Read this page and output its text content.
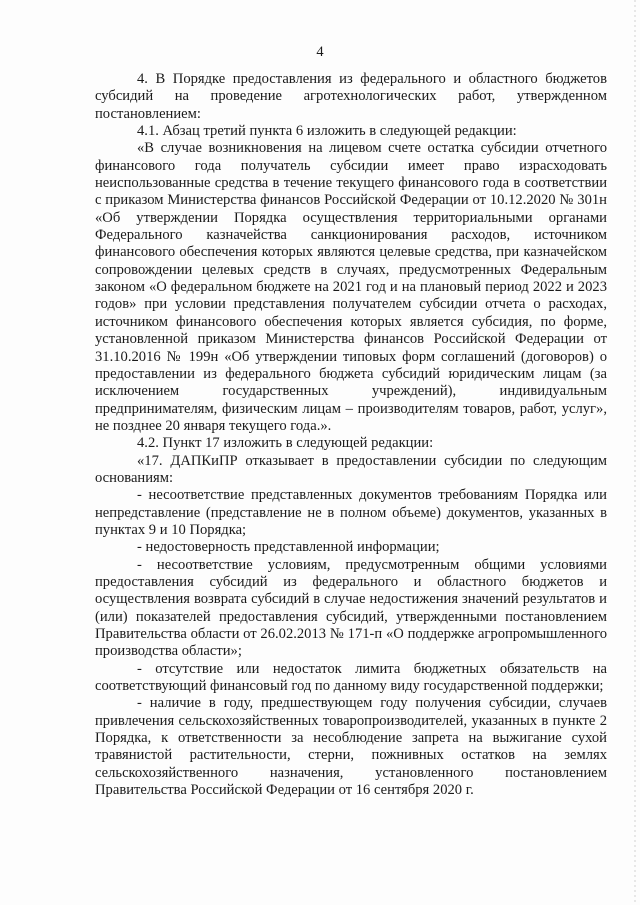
4

4. В Порядке предоставления из федерального и областного бюджетов субсидий на проведение агротехнологических работ, утвержденном постановлением:

4.1. Абзац третий пункта 6 изложить в следующей редакции:

«В случае возникновения на лицевом счете остатка субсидии отчетного финансового года получатель субсидии имеет право израсходовать неиспользованные средства в течение текущего финансового года в соответствии с приказом Министерства финансов Российской Федерации от 10.12.2020 № 301н «Об утверждении Порядка осуществления территориальными органами Федерального казначейства санкционирования расходов, источником финансового обеспечения которых являются целевые средства, при казначейском сопровождении целевых средств в случаях, предусмотренных Федеральным законом «О федеральном бюджете на 2021 год и на плановый период 2022 и 2023 годов» при условии представления получателем субсидии отчета о расходах, источником финансового обеспечения которых является субсидия, по форме, установленной приказом Министерства финансов Российской Федерации от 31.10.2016 № 199н «Об утверждении типовых форм соглашений (договоров) о предоставлении из федерального бюджета субсидий юридическим лицам (за исключением государственных учреждений), индивидуальным предпринимателям, физическим лицам – производителям товаров, работ, услуг», не позднее 20 января текущего года.».

4.2. Пункт 17 изложить в следующей редакции:

«17. ДАПКиПР отказывает в предоставлении субсидии по следующим основаниям:

- несоответствие представленных документов требованиям Порядка или непредставление (представление не в полном объеме) документов, указанных в пунктах 9 и 10 Порядка;

- недостоверность представленной информации;

- несоответствие условиям, предусмотренным общими условиями предоставления субсидий из федерального и областного бюджетов и осуществления возврата субсидий в случае недостижения значений результатов и (или) показателей предоставления субсидий, утвержденными постановлением Правительства области от 26.02.2013 № 171-п «О поддержке агропромышленного производства области»;

- отсутствие или недостаток лимита бюджетных обязательств на соответствующий финансовый год по данному виду государственной поддержки;

- наличие в году, предшествующем году получения субсидии, случаев привлечения сельскохозяйственных товаропроизводителей, указанных в пункте 2 Порядка, к ответственности за несоблюдение запрета на выжигание сухой травянистой растительности, стерни, пожнивных остатков на землях сельскохозяйственного назначения, установленного постановлением Правительства Российской Федерации от 16 сентября 2020 г.
